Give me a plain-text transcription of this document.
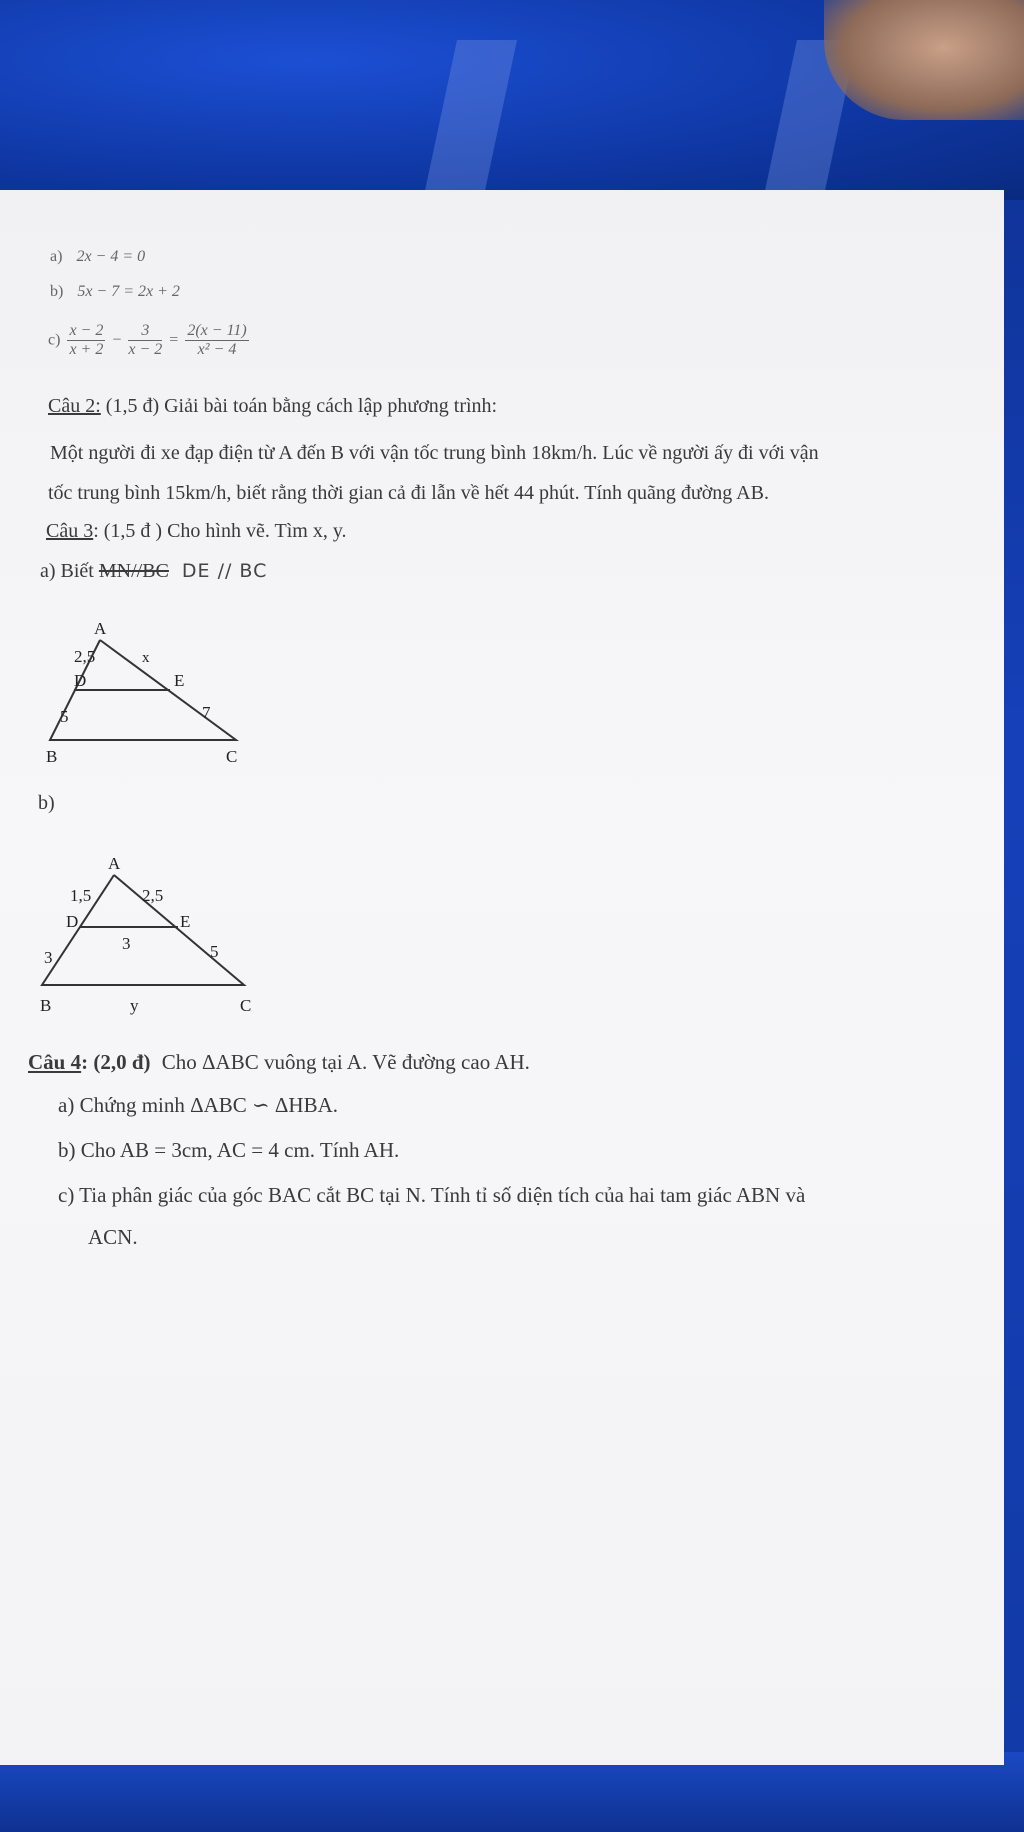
a) 2x − 4 = 0
b) 5x − 7 = 2x + 2
$c) \frac{x - 2}{x + 2} - \frac{3}{x - 2} = \frac{2(x - 11)}{\text{x² − 4}}$
Câu 2: (1,5 đ) Giải bài toán bằng cách lập phương trình:
Một người đi xe đạp điện từ A đến B với vận tốc trung bình 18km/h. Lúc về người ấy đi với vận
tốc trung bình 15km/h, biết rằng thời gian cả đi lẫn về hết 44 phút. Tính quãng đường AB.
Câu 3: (1,5 đ ) Cho hình vẽ. Tìm x, y.
a) Biết MN//BC DE // BC
A
B	C
D	E
2,5	x
5	7
b)
A
B	C
D	E
1,5	2,5
3
3	5
y
Câu 4: (2,0 đ) Cho ΔABC vuông tại A. Vẽ đường cao AH.
a) Chứng minh ΔABC ∽ ΔHBA.
b) Cho AB = 3cm, AC = 4 cm. Tính AH.
c) Tia phân giác của góc BAC cắt BC tại N. Tính tỉ số diện tích của hai tam giác ABN và
ACN.
